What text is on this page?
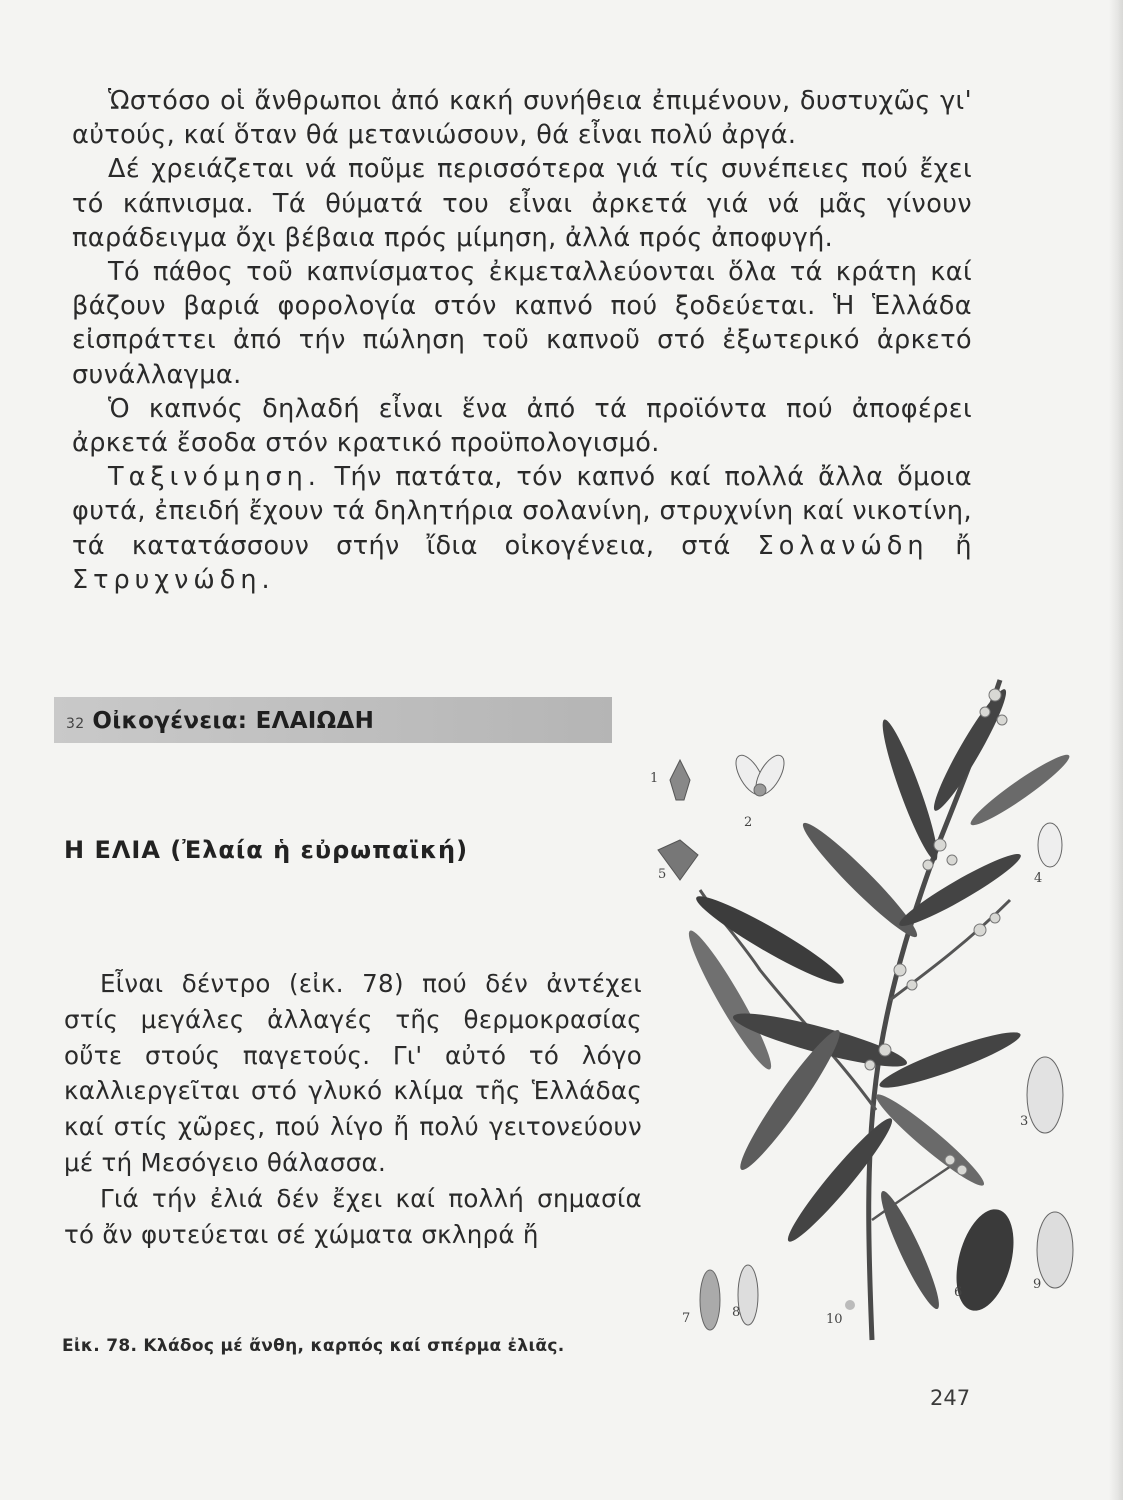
Ὡστόσο οἱ ἄνθρωποι ἀπό κακή συνήθεια ἐπιμένουν, δυστυχῶς γι' αὐτούς, καί ὅταν θά μετανιώσουν, θά εἶναι πολύ ἀργά.

Δέ χρειάζεται νά ποῦμε περισσότερα γιά τίς συνέπειες πού ἔχει τό κάπνισμα. Τά θύματά του εἶναι ἀρκετά γιά νά μᾶς γίνουν παράδειγμα ὄχι βέβαια πρός μίμηση, ἀλλά πρός ἀποφυγή.

Τό πάθος τοῦ καπνίσματος ἐκμεταλλεύονται ὅλα τά κράτη καί βάζουν βαριά φορολογία στόν καπνό πού ξοδεύεται. Ἡ Ἑλλάδα εἰσπράττει ἀπό τήν πώληση τοῦ καπνοῦ στό ἐξωτερικό ἀρκετό συνάλλαγμα.

Ὁ καπνός δηλαδή εἶναι ἕνα ἀπό τά προϊόντα πού ἀποφέρει ἀρκετά ἔσοδα στόν κρατικό προϋπολογισμό.

Ταξινόμηση. Τήν πατάτα, τόν καπνό καί πολλά ἄλλα ὅμοια φυτά, ἐπειδή ἔχουν τά δηλητήρια σολανίνη, στρυχνίνη καί νικοτίνη, τά κατατάσσουν στήν ἴδια οἰκογένεια, στά Σολανώδη ἤ Στρυχνώδη.

32 Οἰκογένεια: ΕΛΑΙΩΔΗ
Η ΕΛΙΑ (Ἐλαία ἡ εὐρωπαϊκή)

Εἶναι δέντρο (εἰκ. 78) πού δέν ἀντέχει στίς μεγάλες ἀλλαγές τῆς θερμοκρασίας οὔτε στούς παγετούς. Γι' αὐτό τό λόγο καλλιεργεῖται στό γλυκό κλίμα τῆς Ἑλλάδας καί στίς χῶρες, πού λίγο ἤ πολύ γειτονεύουν μέ τή Μεσόγειο θάλασσα.

Γιά τήν ἐλιά δέν ἔχει καί πολλή σημασία τό ἄν φυτεύεται σέ χώματα σκληρά ἤ

1
2
3
4
5
6
7	8
9
10
Εἰκ. 78. Κλάδος μέ ἄνθη, καρπός καί σπέρμα ἐλιᾶς.
247
